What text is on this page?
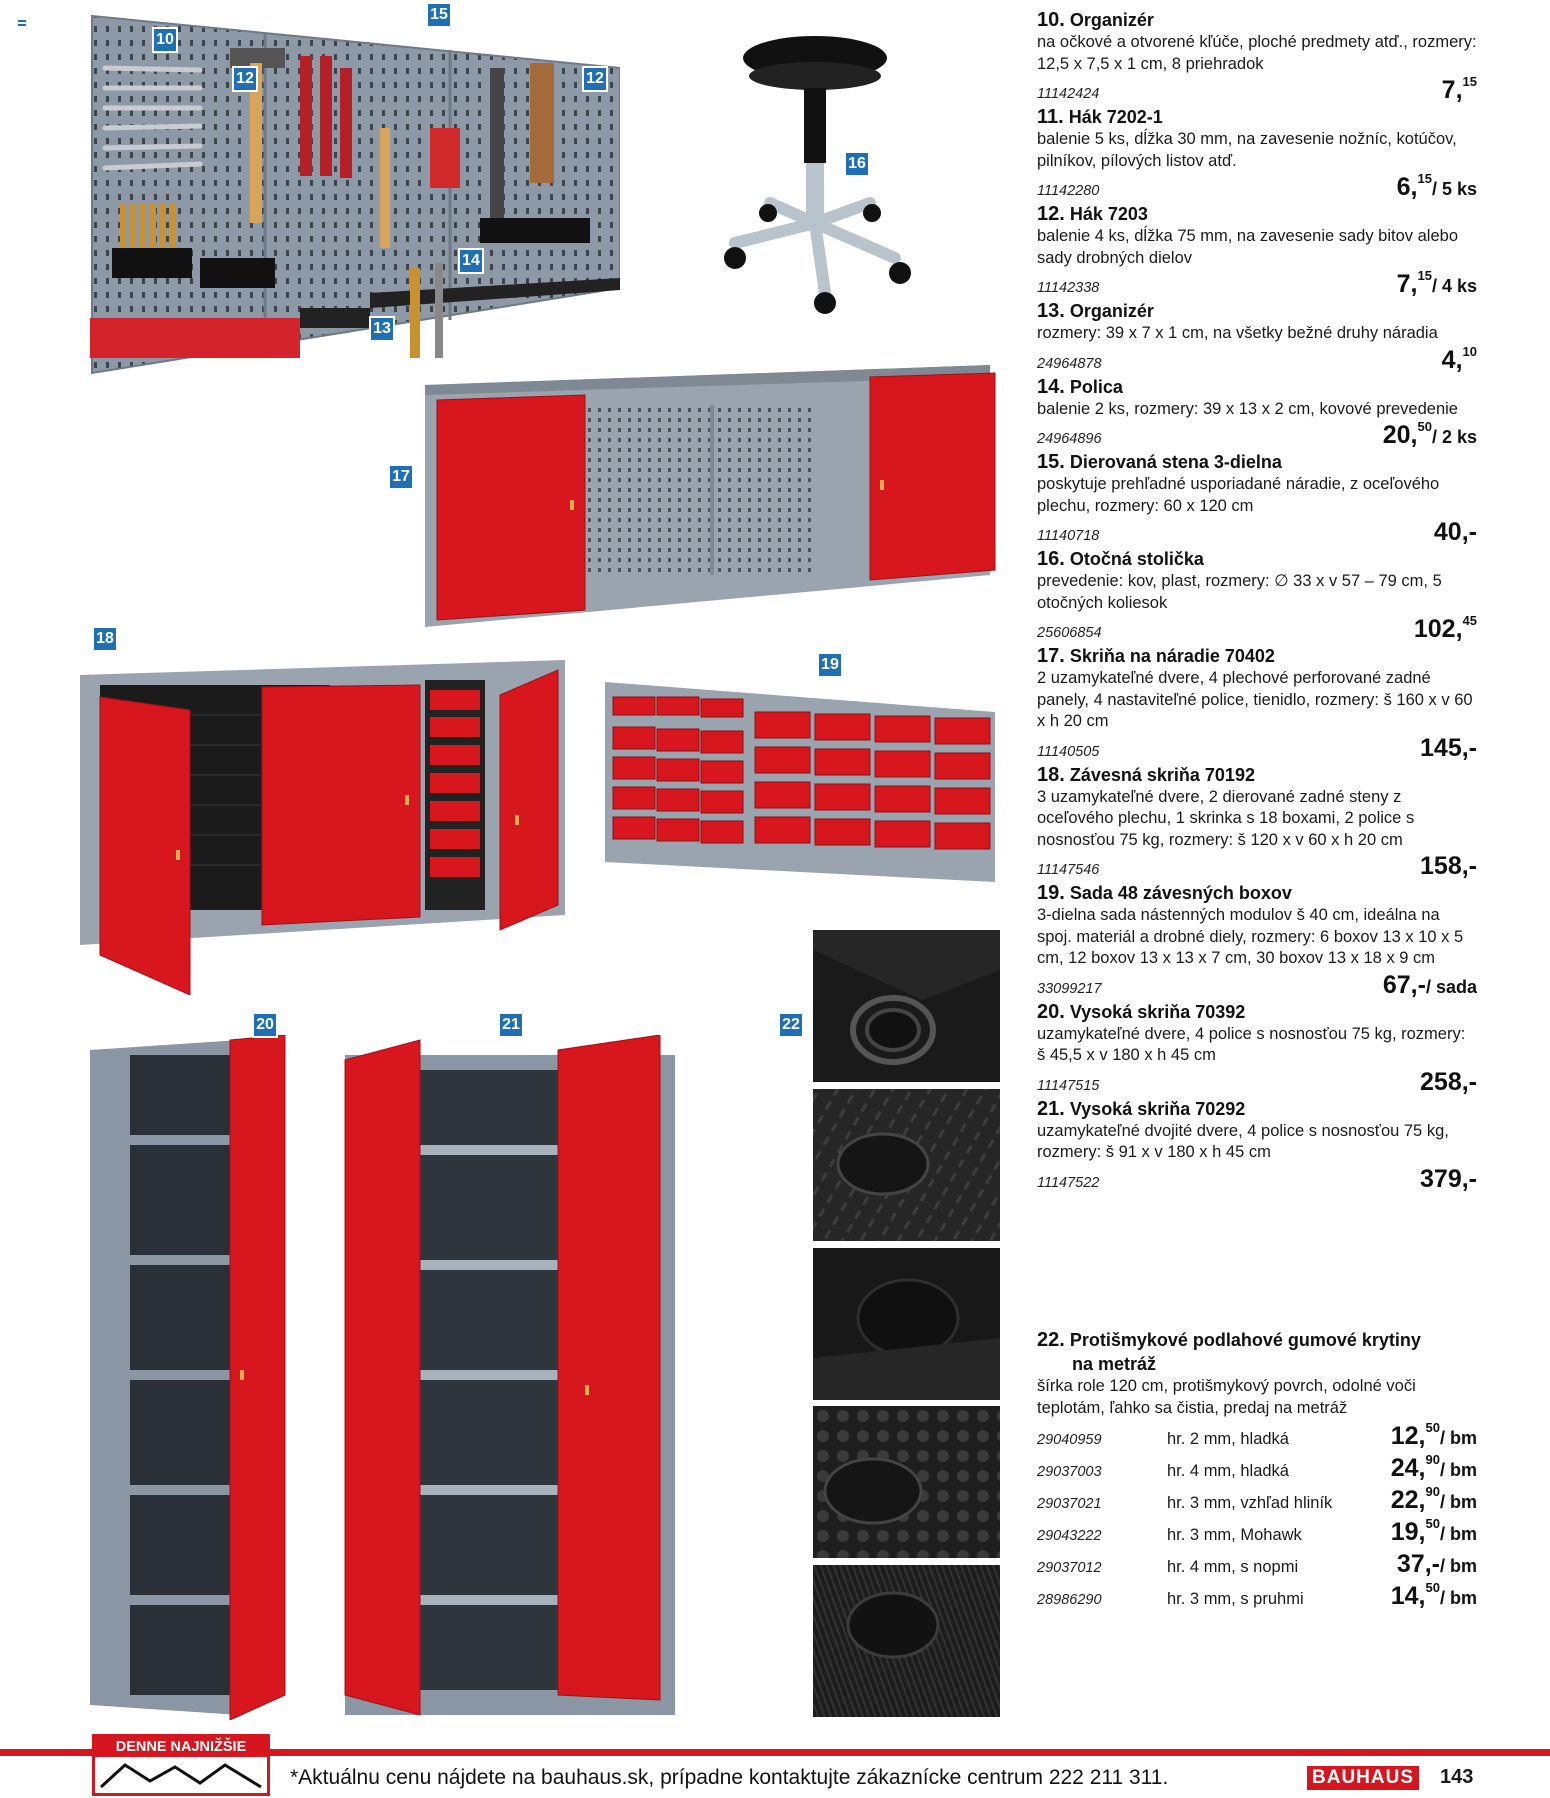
10
12
15
12
14
13
16
17
18
19
20	21	22
10. Organizér
na očkové a otvorené kľúče, ploché predmety atď., rozmery: 12,5 x 7,5 x 1 cm, 8 priehradok
11142424	7,15
11. Hák 7202-1
balenie 5 ks, dĺžka 30 mm, na zavesenie nožníc, kotúčov, pilníkov, pílových listov atď.
11142280	6,15/ 5 ks
12. Hák 7203
balenie 4 ks, dĺžka 75 mm, na zavesenie sady bitov alebo sady drobných dielov
11142338	7,15/ 4 ks
13. Organizér
rozmery: 39 x 7 x 1 cm, na všetky bežné druhy náradia
24964878	4,10
14. Polica
balenie 2 ks, rozmery: 39 x 13 x 2 cm, kovové prevedenie
24964896	20,50/ 2 ks
15. Dierovaná stena 3-dielna
poskytuje prehľadné usporiadané náradie, z oceľového plechu, rozmery: 60 x 120 cm
11140718	40,-
16. Otočná stolička
prevedenie: kov, plast, rozmery: ∅ 33 x v 57 – 79 cm, 5 otočných koliesok
25606854	102,45
17. Skriňa na náradie 70402
2 uzamykateľné dvere, 4 plechové perforované zadné panely, 4 nastaviteľné police, tienidlo, rozmery: š 160 x v 60 x h 20 cm
11140505	145,-
18. Závesná skriňa 70192
3 uzamykateľné dvere, 2 dierované zadné steny z oceľového plechu, 1 skrinka s 18 boxami, 2 police s nosnosťou 75 kg, rozmery: š 120 x v 60 x h 20 cm
11147546	158,-
19. Sada 48 závesných boxov
3-dielna sada nástenných modulov š 40 cm, ideálna na spoj. materiál a drobné diely, rozmery: 6 boxov 13 x 10 x 5 cm, 12 boxov 13 x 13 x 7 cm, 30 boxov 13 x 18 x 9 cm
33099217	67,-/ sada
20. Vysoká skriňa 70392
uzamykateľné dvere, 4 police s nosnosťou 75 kg, rozmery: š 45,5 x v 180 x h 45 cm
11147515	258,-
21. Vysoká skriňa 70292
uzamykateľné dvojité dvere, 4 police s nosnosťou 75 kg, rozmery: š 91 x v 180 x h 45 cm
11147522	379,-
22. Protišmykové podlahové gumové krytiny
na metráž
šírka role 120 cm, protišmykový povrch, odolné voči teplotám, ľahko sa čistia, predaj na metráž
29040959	hr. 2 mm, hladká	12,50/ bm
29037003	hr. 4 mm, hladká	24,90/ bm
29037021	hr. 3 mm, vzhľad hliník	22,90/ bm
29043222	hr. 3 mm, Mohawk	19,50/ bm
29037012	hr. 4 mm, s nopmi	37,-/ bm
28986290	hr. 3 mm, s pruhmi	14,50/ bm
DENNE NAJNIŽŠIE CENY	*Aktuálnu cenu nájdete na bauhaus.sk, prípadne kontaktujte zákaznícke centrum 222 211 311.	BAUHAUS 143
